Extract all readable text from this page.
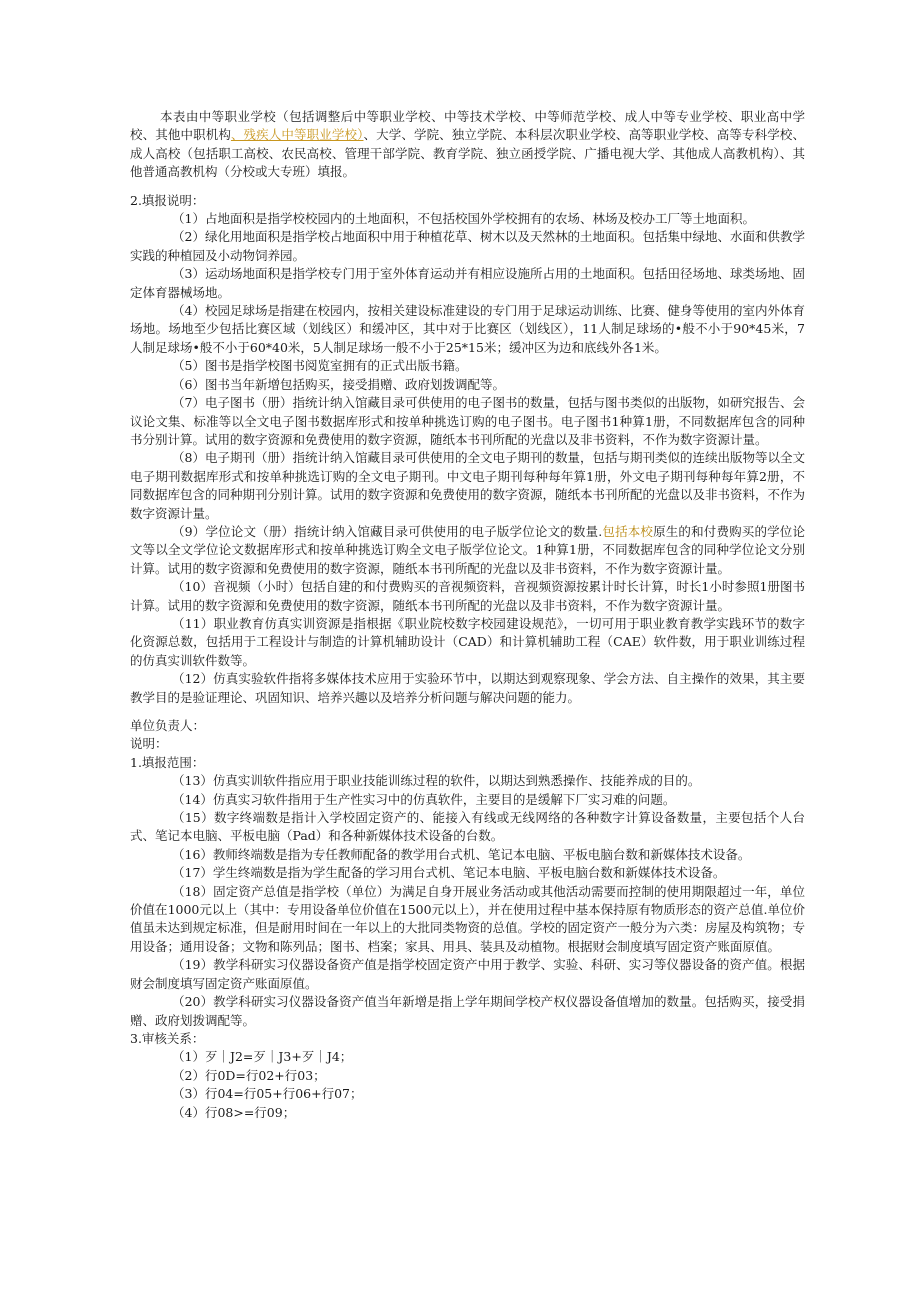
本表由中等职业学校（包括调整后中等职业学校、中等技术学校、中等师范学校、成人中等专业学校、职业高中学校、其他中职机构、残疾人中等职业学校）、大学、学院、独立学院、本科层次职业学校、高等职业学校、高等专科学校、成人高校（包括职工高校、农民高校、管理干部学院、教育学院、独立函授学院、广播电视大学、其他成人高教机构）、其他普通高教机构（分校或大专班）填报。

2.填报说明：

（1）占地面积是指学校校园内的土地面积，不包括校国外学校拥有的农场、林场及校办工厂等土地面积。

（2）绿化用地面积是指学校占地面积中用于种植花草、树木以及天然林的土地面积。包括集中绿地、水面和供教学实践的种植园及小动物饲养园。

（3）运动场地面积是指学校专门用于室外体育运动并有相应设施所占用的土地面积。包括田径场地、球类场地、固定体育器械场地。

（4）校园足球场是指建在校园内，按相关建设标准建设的专门用于足球运动训练、比赛、健身等使用的室内外体育场地。场地至少包括比赛区域（划线区）和缓冲区，其中对于比赛区（划线区），11人制足球场的•般不小于90*45米，7人制足球场•般不小于60*40米，5人制足球场一般不小于25*15米；缓冲区为边和底线外各1米。

（5）图书是指学校图书阅览室拥有的正式出版书籍。

（6）图书当年新增包括购买，接受捐赠、政府划拨调配等。

（7）电子图书（册）指统计纳入馆藏目录可供使用的电子图书的数量，包括与图书类似的出版物，如研究报告、会议论文集、标准等以全文电子图书数据库形式和按单种挑选订购的电子图书。电子图书1种算1册，不同数据库包含的同种书分别计算。试用的数字资源和免费使用的数字资源，随纸本书刊所配的光盘以及非书资料，不作为数字资源计量。

（8）电子期刊（册）指统计纳入馆藏目录可供使用的全文电子期刊的数量，包括与期刊类似的连续出版物等以全文电子期刊数据库形式和按单种挑选订购的全文电子期刊。中文电子期刊每种每年算1册，外文电子期刊每种每年算2册，不同数据库包含的同种期刊分别计算。试用的数字资源和免费使用的数字资源，随纸本书刊所配的光盘以及非书资料，不作为数字资源计量。

（9）学位论文（册）指统计纳入馆藏目录可供使用的电子版学位论文的数量.包括本校原生的和付费购买的学位论文等以全文学位论文数据库形式和按单种挑选订购全文电子版学位论文。1种算1册，不同数据库包含的同种学位论文分别计算。试用的数字资源和免费使用的数字资源，随纸本书刊所配的光盘以及非书资料，不作为数字资源计量。

（10）音视频（小时）包括自建的和付费购买的音视频资料，音视频资源按累计时长计算，时长1小时参照1册图书计算。试用的数字资源和免费使用的数字资源，随纸本书刊所配的光盘以及非书资料，不作为数字资源计量。

（11）职业教育仿真实训资源是指根据《职业院校数字校园建设规范》，一切可用于职业教育教学实践环节的数字化资源总数，包括用于工程设计与制造的计算机辅助设计（CAD）和计算机辅助工程（CAE）软件数，用于职业训练过程的仿真实训软件数等。

（12）仿真实验软件指将多媒体技术应用于实验环节中，以期达到观察现象、学会方法、自主操作的效果，其主要教学目的是验证理论、巩固知识、培养兴趣以及培养分析问题与解决问题的能力。

单位负责人：

说明：

1.填报范围：

（13）仿真实训软件指应用于职业技能训练过程的软件，以期达到熟悉操作、技能养成的目的。

（14）仿真实习软件指用于生产性实习中的仿真软件，主要目的是缓解下厂实习难的问题。

（15）数字终端数是指计入学校固定资产的、能接入有线或无线网络的各种数字计算设备数量，主要包括个人台式、笔记本电脑、平板电脑（Pad）和各种新媒体技术设备的台数。

（16）教师终端数是指为专任教师配备的教学用台式机、笔记本电脑、平板电脑台数和新媒体技术设备。

（17）学生终端数是指为学生配备的学习用台式机、笔记本电脑、平板电脑台数和新媒体技术设备。

（18）固定资产总值是指学校（单位）为满足自身开展业务活动或其他活动需要而控制的使用期限超过一年，单位价值在1000元以上（其中：专用设备单位价值在1500元以上），并在使用过程中基本保持原有物质形态的资产总值.单位价值虽未达到规定标准，但是耐用时间在一年以上的大批同类物资的总值。学校的固定资产一般分为六类：房屋及构筑物；专用设备；通用设备；文物和陈列品；图书、档案；家具、用具、装具及动植物。根据财会制度填写固定资产账面原值。

（19）教学科研实习仪器设备资产值是指学校固定资产中用于教学、实验、科研、实习等仪器设备的资产值。根据财会制度填写固定资产账面原值。

（20）教学科研实习仪器设备资产值当年新增是指上学年期间学校产权仪器设备值增加的数量。包括购买，接受捐赠、政府划拨调配等。

3.审核关系：

（1）歹｜J2=歹｜J3+歹｜J4；

（2）行0D=行02+行03；

（3）行04=行05+行06+行07；

（4）行08>=行09；
